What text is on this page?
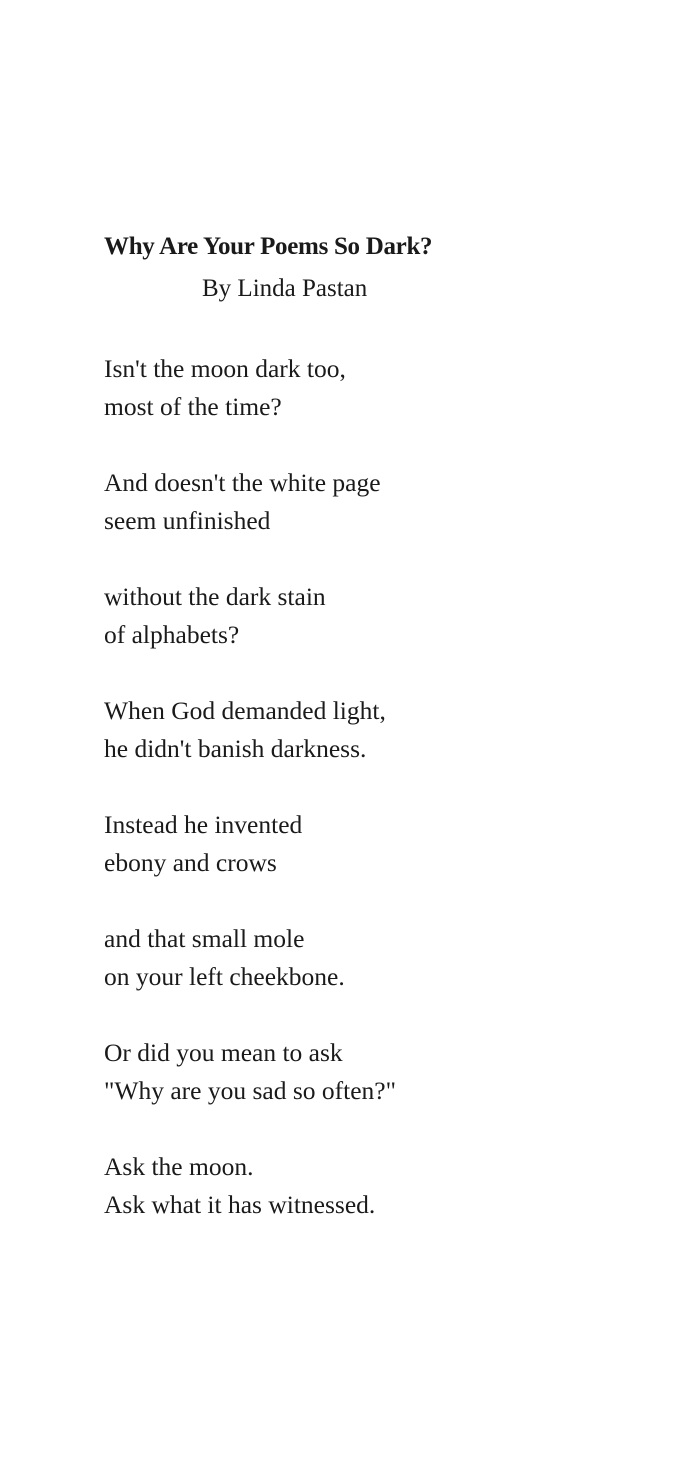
Why Are Your Poems So Dark?
By Linda Pastan
Isn't the moon dark too,
most of the time?
And doesn't the white page
seem unfinished
without the dark stain
of alphabets?
When God demanded light,
he didn't banish darkness.
Instead he invented
ebony and crows
and that small mole
on your left cheekbone.
Or did you mean to ask
"Why are you sad so often?"
Ask the moon.
Ask what it has witnessed.
